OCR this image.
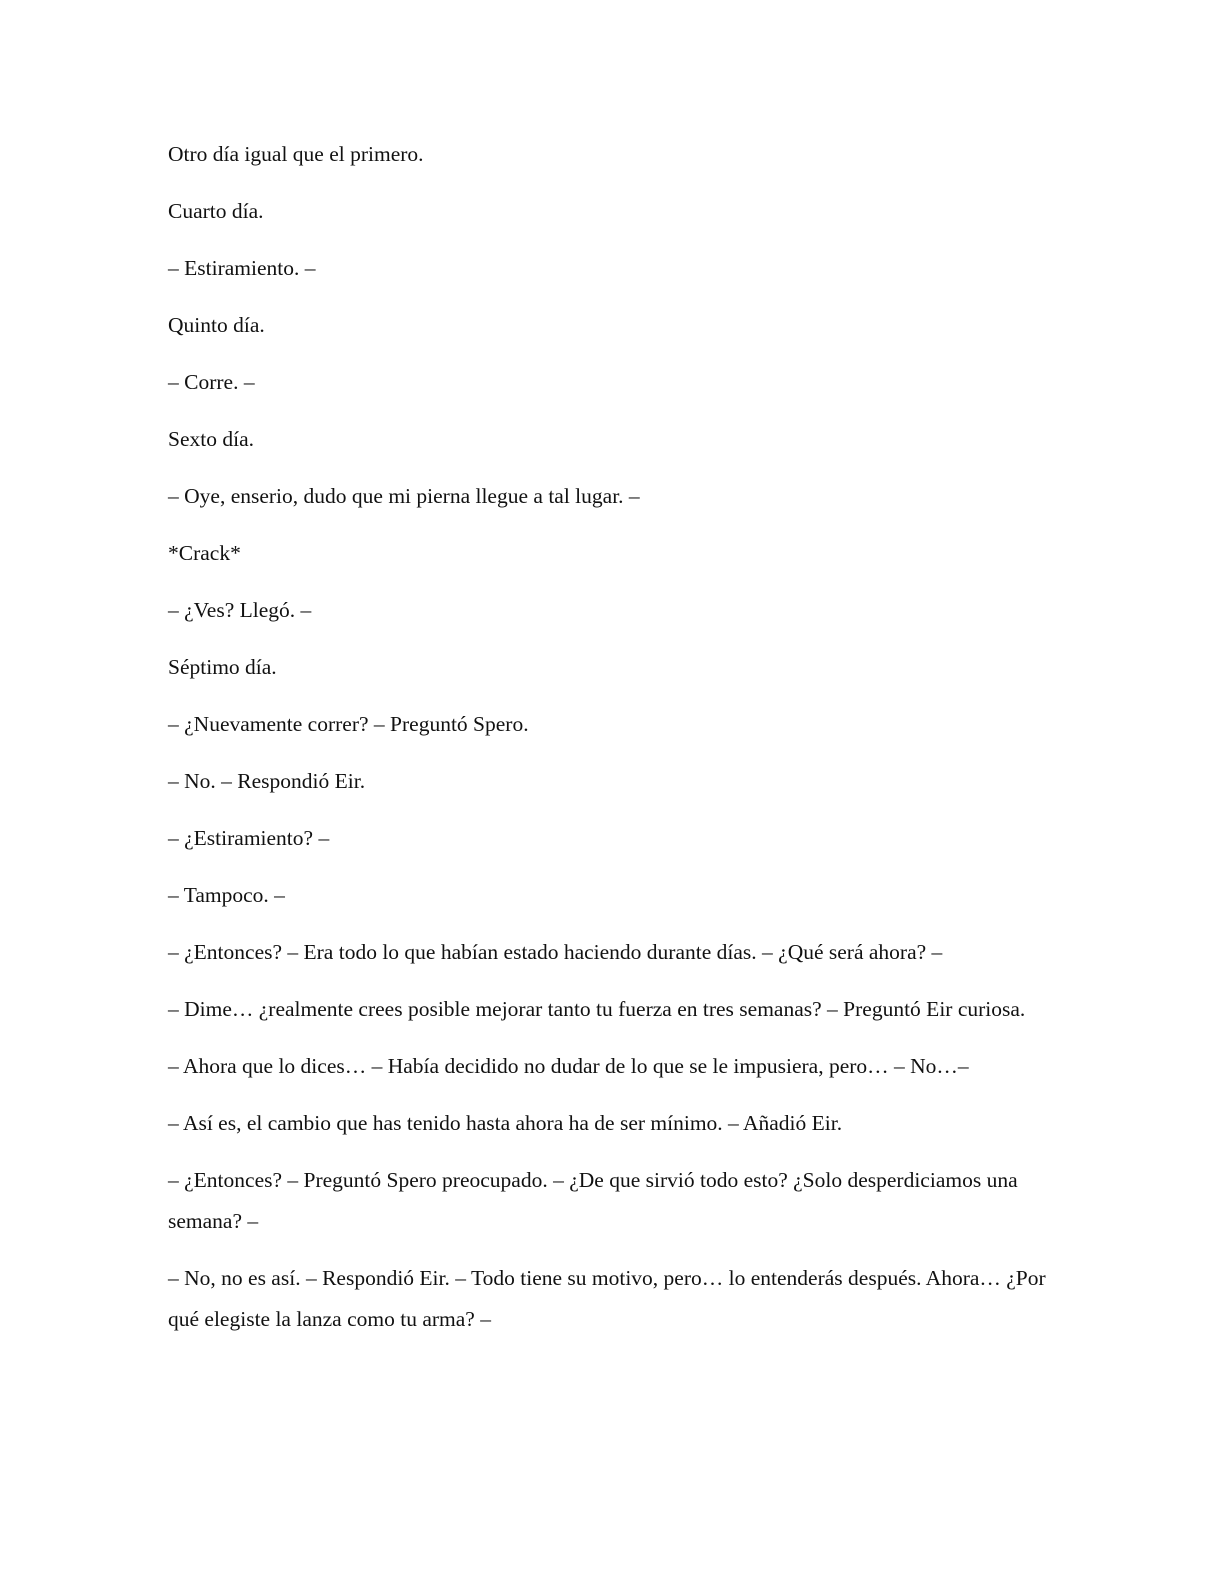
Otro día igual que el primero.

Cuarto día.

– Estiramiento. –

Quinto día.

– Corre. –

Sexto día.

– Oye, enserio, dudo que mi pierna llegue a tal lugar. –

*Crack*

– ¿Ves? Llegó. –

Séptimo día.

– ¿Nuevamente correr? – Preguntó Spero.

– No. – Respondió Eir.

– ¿Estiramiento? –

– Tampoco. –

– ¿Entonces? – Era todo lo que habían estado haciendo durante días. – ¿Qué será ahora? –

– Dime… ¿realmente crees posible mejorar tanto tu fuerza en tres semanas? – Preguntó Eir curiosa.

– Ahora que lo dices… – Había decidido no dudar de lo que se le impusiera, pero… – No…–

– Así es, el cambio que has tenido hasta ahora ha de ser mínimo. – Añadió Eir.

– ¿Entonces? – Preguntó Spero preocupado. – ¿De que sirvió todo esto? ¿Solo desperdiciamos una semana? –

– No, no es así. – Respondió Eir. – Todo tiene su motivo, pero… lo entenderás después. Ahora… ¿Por qué elegiste la lanza como tu arma? –
